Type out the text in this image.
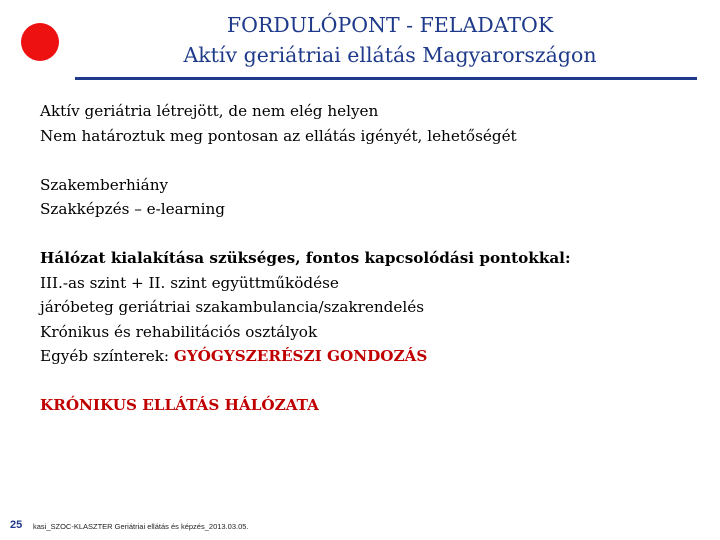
FORDULÓPONT - FELADATOK
Aktív geriátriai ellátás Magyarországon
Aktív geriátria létrejött, de nem elég helyen
Nem határoztuk meg pontosan az ellátás igényét, lehetőségét
Szakemberhiány
Szakképzés – e-learning
Hálózat kialakítása szükséges, fontos kapcsolódási pontokkal:
III.-as szint + II. szint együttműködése
járóbeteg geriátriai szakambulancia/szakrendelés
Krónikus és rehabilitációs osztályok
Egyéb színterek: GYÓGYSZERÉSZI GONDOZÁS
KRÓNIKUS ELLÁTÁS HÁLÓZATA
25 kasi_SZOC-KLASZTER Geriátriai ellátás és képzés_2013.03.05.
